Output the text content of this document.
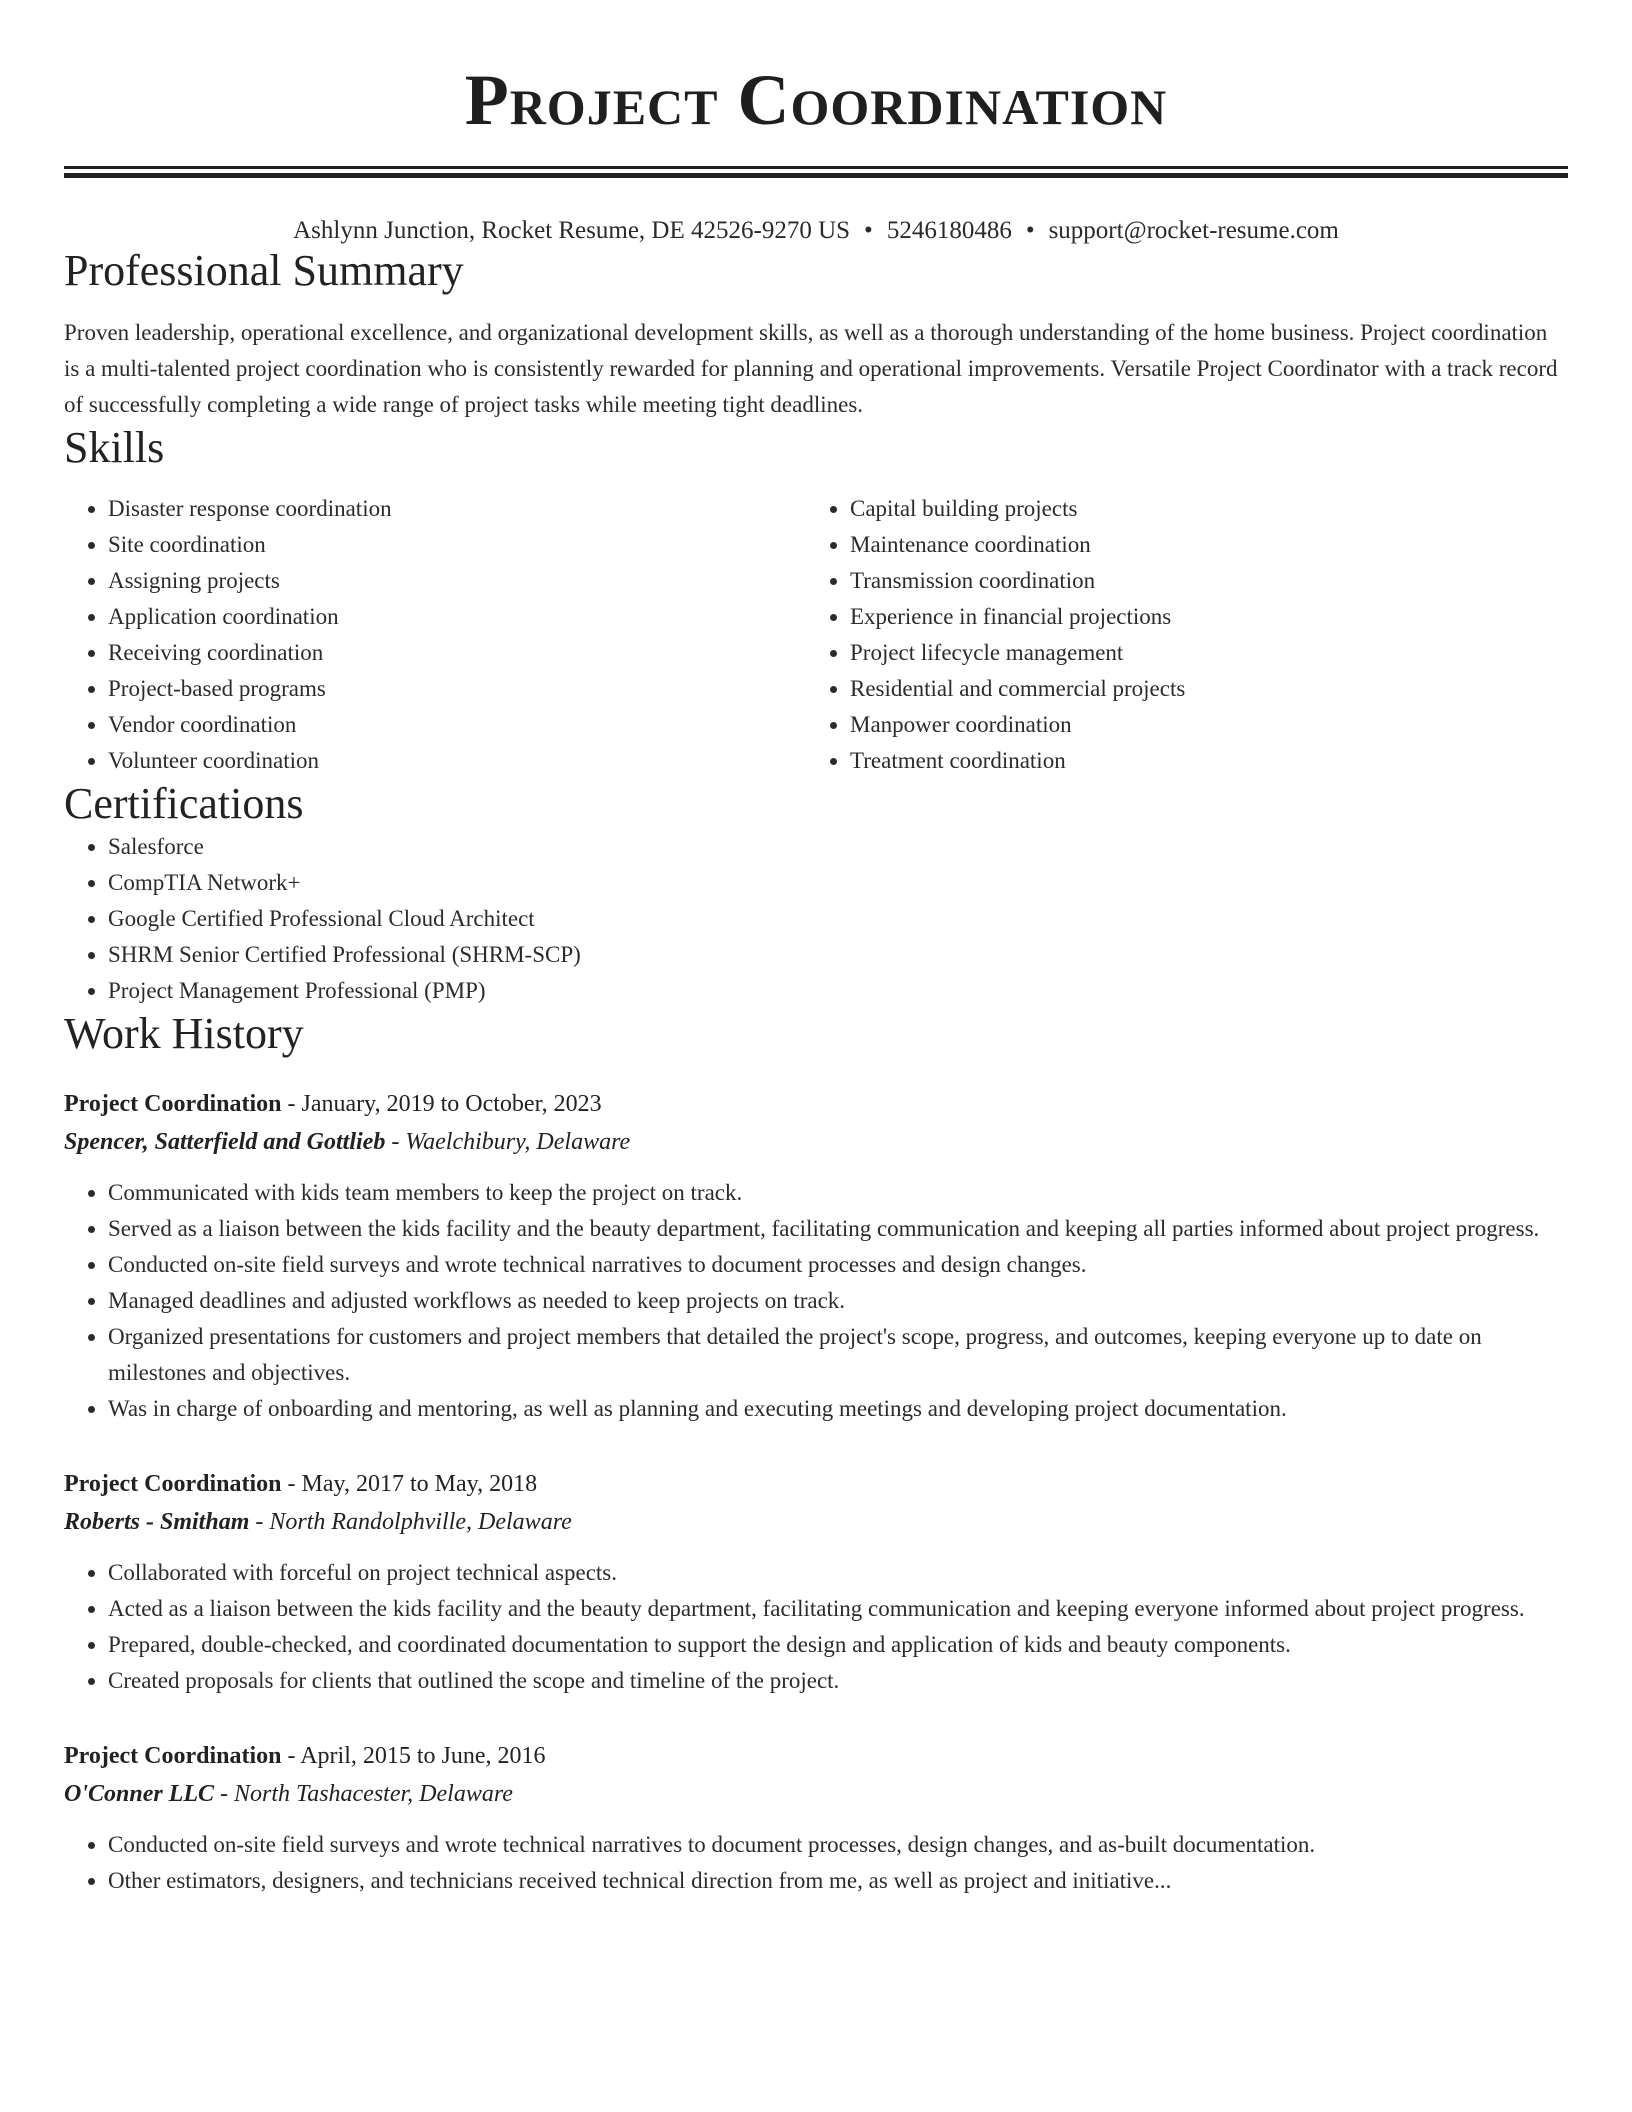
Project Coordination
Ashlynn Junction, Rocket Resume, DE 42526-9270 US • 5246180486 • support@rocket-resume.com
Professional Summary

Proven leadership, operational excellence, and organizational development skills, as well as a thorough understanding of the home business. Project coordination is a multi-talented project coordination who is consistently rewarded for planning and operational improvements. Versatile Project Coordinator with a track record of successfully completing a wide range of project tasks while meeting tight deadlines.

Skills
• Disaster response coordination
• Site coordination
• Assigning projects
• Application coordination
• Receiving coordination
• Project-based programs
• Vendor coordination
• Volunteer coordination
• Capital building projects
• Maintenance coordination
• Transmission coordination
• Experience in financial projections
• Project lifecycle management
• Residential and commercial projects
• Manpower coordination
• Treatment coordination
Certifications
• Salesforce
• CompTIA Network+
• Google Certified Professional Cloud Architect
• SHRM Senior Certified Professional (SHRM-SCP)
• Project Management Professional (PMP)
Work History
Project Coordination - January, 2019 to October, 2023
Spencer, Satterfield and Gottlieb - Waelchibury, Delaware
• Communicated with kids team members to keep the project on track.
• Served as a liaison between the kids facility and the beauty department, facilitating communication and keeping all parties informed about project progress.
• Conducted on-site field surveys and wrote technical narratives to document processes and design changes.
• Managed deadlines and adjusted workflows as needed to keep projects on track.
• Organized presentations for customers and project members that detailed the project's scope, progress, and outcomes, keeping everyone up to date on milestones and objectives.
• Was in charge of onboarding and mentoring, as well as planning and executing meetings and developing project documentation.
Project Coordination - May, 2017 to May, 2018
Roberts - Smitham - North Randolphville, Delaware
• Collaborated with forceful on project technical aspects.
• Acted as a liaison between the kids facility and the beauty department, facilitating communication and keeping everyone informed about project progress.
• Prepared, double-checked, and coordinated documentation to support the design and application of kids and beauty components.
• Created proposals for clients that outlined the scope and timeline of the project.
Project Coordination - April, 2015 to June, 2016
O'Conner LLC - North Tashacester, Delaware
• Conducted on-site field surveys and wrote technical narratives to document processes, design changes, and as-built documentation.
• Other estimators, designers, and technicians received technical direction from me, as well as project and initiative...
